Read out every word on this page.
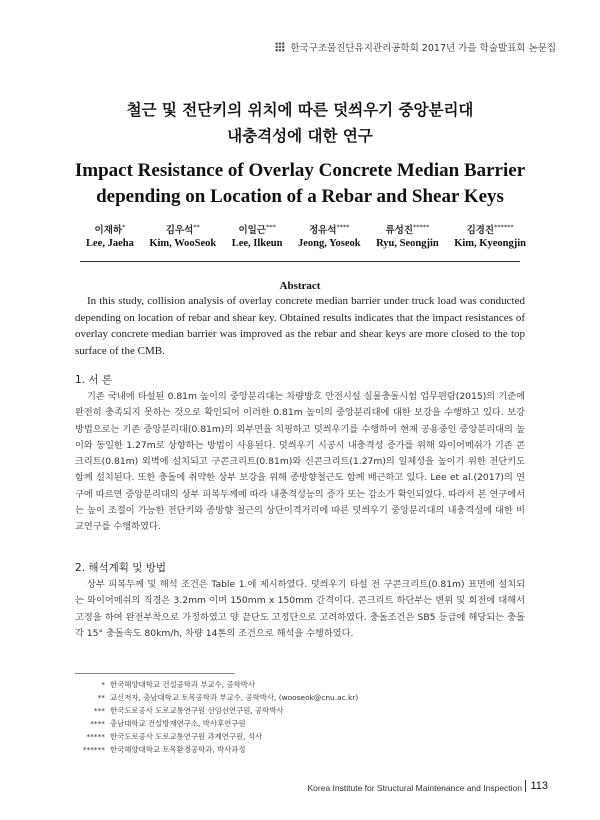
한국구조물진단유지관리공학회 2017년 가을 학술발표회 논문집
철근 및 전단키의 위치에 따른 덧씌우기 중앙분리대
내충격성에 대한 연구
Impact Resistance of Overlay Concrete Median Barrier
depending on Location of a Rebar and Shear Keys
이재하*
Lee, Jaeha
김우석**
Kim, WooSeok
이일근***
Lee, Ilkeun
정유석****
Jeong, Yoseok
류성진*****
Ryu, Seongjin
김경진******
Kim, Kyeongjin
Abstract
In this study, collision analysis of overlay concrete median barrier under truck load was conducted depending on location of rebar and shear key. Obtained results indicates that the impact resistances of overlay concrete median barrier was improved as the rebar and shear keys are more closed to the top surface of the CMB.
1. 서 론
기존 국내에 타설된 0.81m 높이의 중앙분리대는 차량방호 안전시설 실물충돌시험 업무편람(2015)의 기준에 완전히 충족되지 못하는 것으로 확인되어 이러한 0.81m 높이의 중앙분리대에 대한 보강을 수행하고 있다. 보강방법으로는 기존 중앙분리대(0.81m)의 외부면을 치핑하고 덧씌우기를 수행하여 현재 공용중인 중앙분리대의 높이와 동일한 1.27m로 상향하는 방법이 사용된다. 덧씌우기 시공시 내충격성 증가를 위해 와이어메쉬가 기존 콘크리트(0.81m) 외벽에 설치되고 구콘크리트(0.81m)와 신콘크리트(1.27m)의 일체성을 높이기 위한 전단키도 함께 설치된다. 또한 충돌에 취약한 상부 보강을 위해 종방향철근도 함께 배근하고 있다. Lee et al.(2017)의 연구에 따르면 중앙분리대의 상부 피복두께에 따라 내충격성능의 증가 또는 감소가 확인되었다. 따라서 본 연구에서는 높이 조절이 가능한 전단키와 종방향 철근의 상단이격거리에 따른 덧씌우기 중앙분리대의 내충격성에 대한 비교연구를 수행하였다.
2. 해석계획 및 방법
상부 피복두께 및 해석 조건은 Table 1.에 제시하였다. 덧씌우기 타설 전 구콘크리트(0.81m) 표면에 설치되는 와이어메쉬의 직경은 3.2mm 이며 150mm x 150mm 간격이다. 콘크리트 하단부는 변위 및 회전에 대해서 고정을 하여 완전부착으로 가정하였고 양 끝단도 고정단으로 고려하였다. 충돌조건은 SB5 등급에 해당되는 충돌각 15° 충돌속도 80km/h, 차량 14톤의 조건으로 해석을 수행하였다.
* 한국해양대학교 건설공학과 부교수, 공학박사
** 교신저자, 충남대학교 토목공학과 부교수, 공학박사, (wooseok@cnu.ac.kr)
*** 한국도로공사 도로교통연구원 선임선연구원, 공학박사
**** 충남대학교 건설방재연구소, 박사후연구원
***** 한국도로공사 도로교통연구원 과제연구원, 석사
****** 한국해양대학교 토목환경공학과, 박사과정
Korea Institute for Structural Maintenance and Inspection 113
